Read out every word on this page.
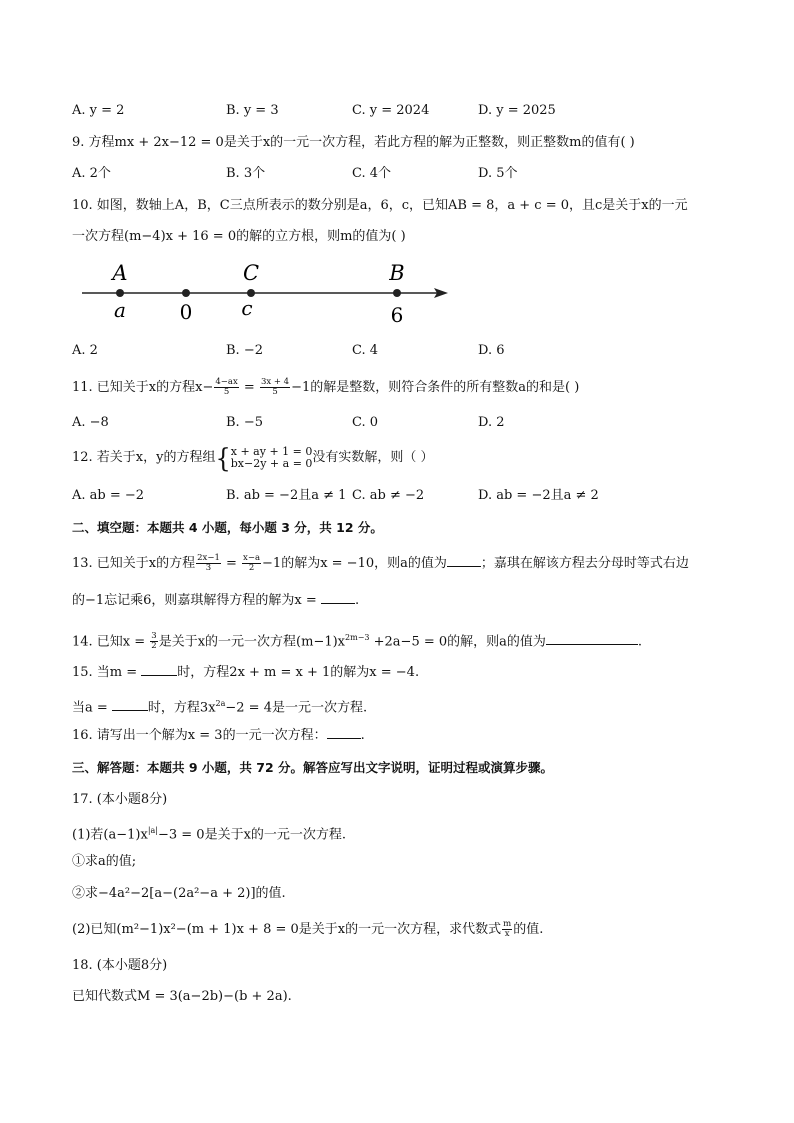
A. y = 2	B. y = 3	C. y = 2024	D. y = 2025
9. 方程mx + 2x−12 = 0是关于x的一元一次方程，若此方程的解为正整数，则正整数m的值有( )
A. 2个	B. 3个	C. 4个	D. 5个
10. 如图，数轴上A，B，C三点所表示的数分别是a，6，c，已知AB = 8，a + c = 0，且c是关于x的一元
一次方程(m−4)x + 16 = 0的解的立方根，则m的值为( )
A	C	B
a	0 c	6
A. 2	B. −2	C. 4	D. 6
11. 已知关于x的方程$x- \frac{4-ax}{5} = \frac{3x + 4}{5} -1$的解是整数，则符合条件的所有整数a的和是( )
A. −8	B. −5	C. 0	D. 2
12. 若关于x，y的方程组{ x + ay + 1 = 0
bx−2y + a = 0 没有实数解，则（ ）
A. ab = −2	B. ab = −2且a ≠ 1 C. ab ≠ −2	D. ab = −2且a ≠ 2
二、填空题：本题共 4 小题，每小题 3 分，共 12 分。
13. 已知关于x的方程 $\frac{2x-1}{3} = \frac{x-a}{2} -1$的解为x = −10，则a的值为	；嘉琪在解该方程去分母时等式右边
的−1忘记乘6，则嘉琪解得方程的解为x =	.
14. 已知$x = \frac{3}{2}$ 是关于x的一元一次方程$(m-1)x^{2m-3} +2a-5 = 0$的解，则a的值为	.
15. 当m =	时，方程2x + m = x + 1的解为x = −4.
当a =	时，方程$3x^{2a}-2 = 4$是一元一次方程.
16. 请写出一个解为x = 3的一元一次方程：	.
三、解答题：本题共 9 小题，共 72 分。解答应写出文字说明，证明过程或演算步骤。
17. (本小题8分)
(1)若$(a-1)x^{|a|}-3 = 0$是关于x的一元一次方程.
①求a的值;
②求−4a²−2[a−(2a²−a + 2)]的值.
(2)已知(m²−1)x²−(m + 1)x + 8 = 0是关于x的一元一次方程，求代数式 $\frac{m}{x}$ 的值.
18. (本小题8分)
已知代数式M = 3(a−2b)−(b + 2a).
